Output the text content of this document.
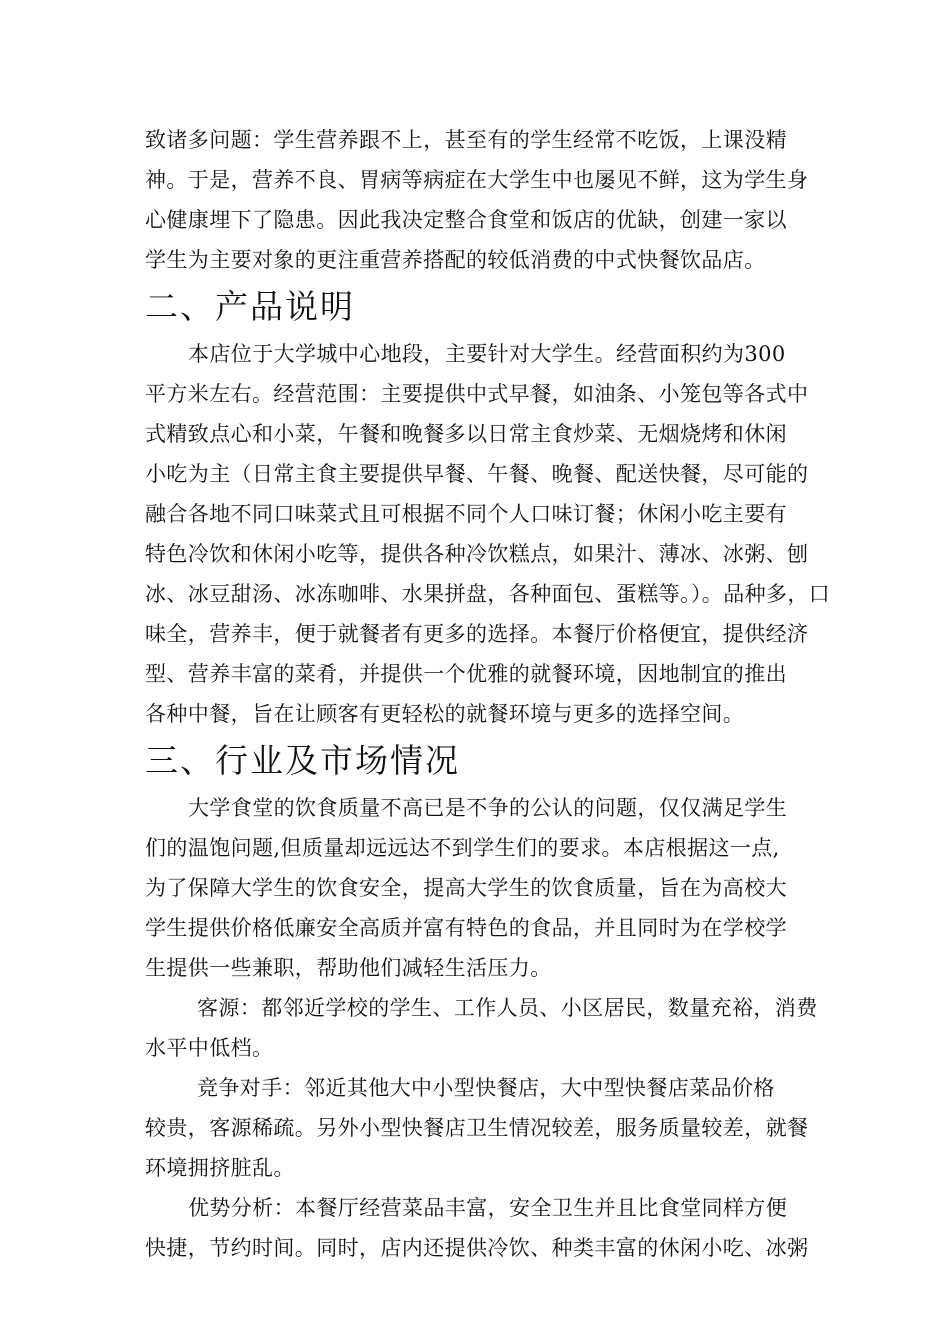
致诸多问题：学生营养跟不上，甚至有的学生经常不吃饭，上课没精
神。于是，营养不良、胃病等病症在大学生中也屡见不鲜，这为学生身
心健康埋下了隐患。因此我决定整合食堂和饭店的优缺，创建一家以
学生为主要对象的更注重营养搭配的较低消费的中式快餐饮品店。

二、产品说明

本店位于大学城中心地段，主要针对大学生。经营面积约为300
平方米左右。经营范围：主要提供中式早餐，如油条、小笼包等各式中
式精致点心和小菜，午餐和晚餐多以日常主食炒菜、无烟烧烤和休闲
小吃为主（日常主食主要提供早餐、午餐、晚餐、配送快餐，尽可能的
融合各地不同口味菜式且可根据不同个人口味订餐；休闲小吃主要有
特色冷饮和休闲小吃等，提供各种冷饮糕点，如果汁、薄冰、冰粥、刨
冰、冰豆甜汤、冰冻咖啡、水果拼盘，各种面包、蛋糕等。）。品种多，口
味全，营养丰，便于就餐者有更多的选择。本餐厅价格便宜，提供经济
型、营养丰富的菜肴，并提供一个优雅的就餐环境，因地制宜的推出
各种中餐，旨在让顾客有更轻松的就餐环境与更多的选择空间。

三、行业及市场情况

大学食堂的饮食质量不高已是不争的公认的问题，仅仅满足学生
们的温饱问题,但质量却远远达不到学生们的要求。本店根据这一点,
为了保障大学生的饮食安全，提高大学生的饮食质量，旨在为高校大
学生提供价格低廉安全高质并富有特色的食品，并且同时为在学校学
生提供一些兼职，帮助他们减轻生活压力。

客源：都邻近学校的学生、工作人员、小区居民，数量充裕，消费
水平中低档。

竞争对手：邻近其他大中小型快餐店，大中型快餐店菜品价格
较贵，客源稀疏。另外小型快餐店卫生情况较差，服务质量较差，就餐
环境拥挤脏乱。

优势分析：本餐厅经营菜品丰富，安全卫生并且比食堂同样方便
快捷，节约时间。同时，店内还提供冷饮、种类丰富的休闲小吃、冰粥
